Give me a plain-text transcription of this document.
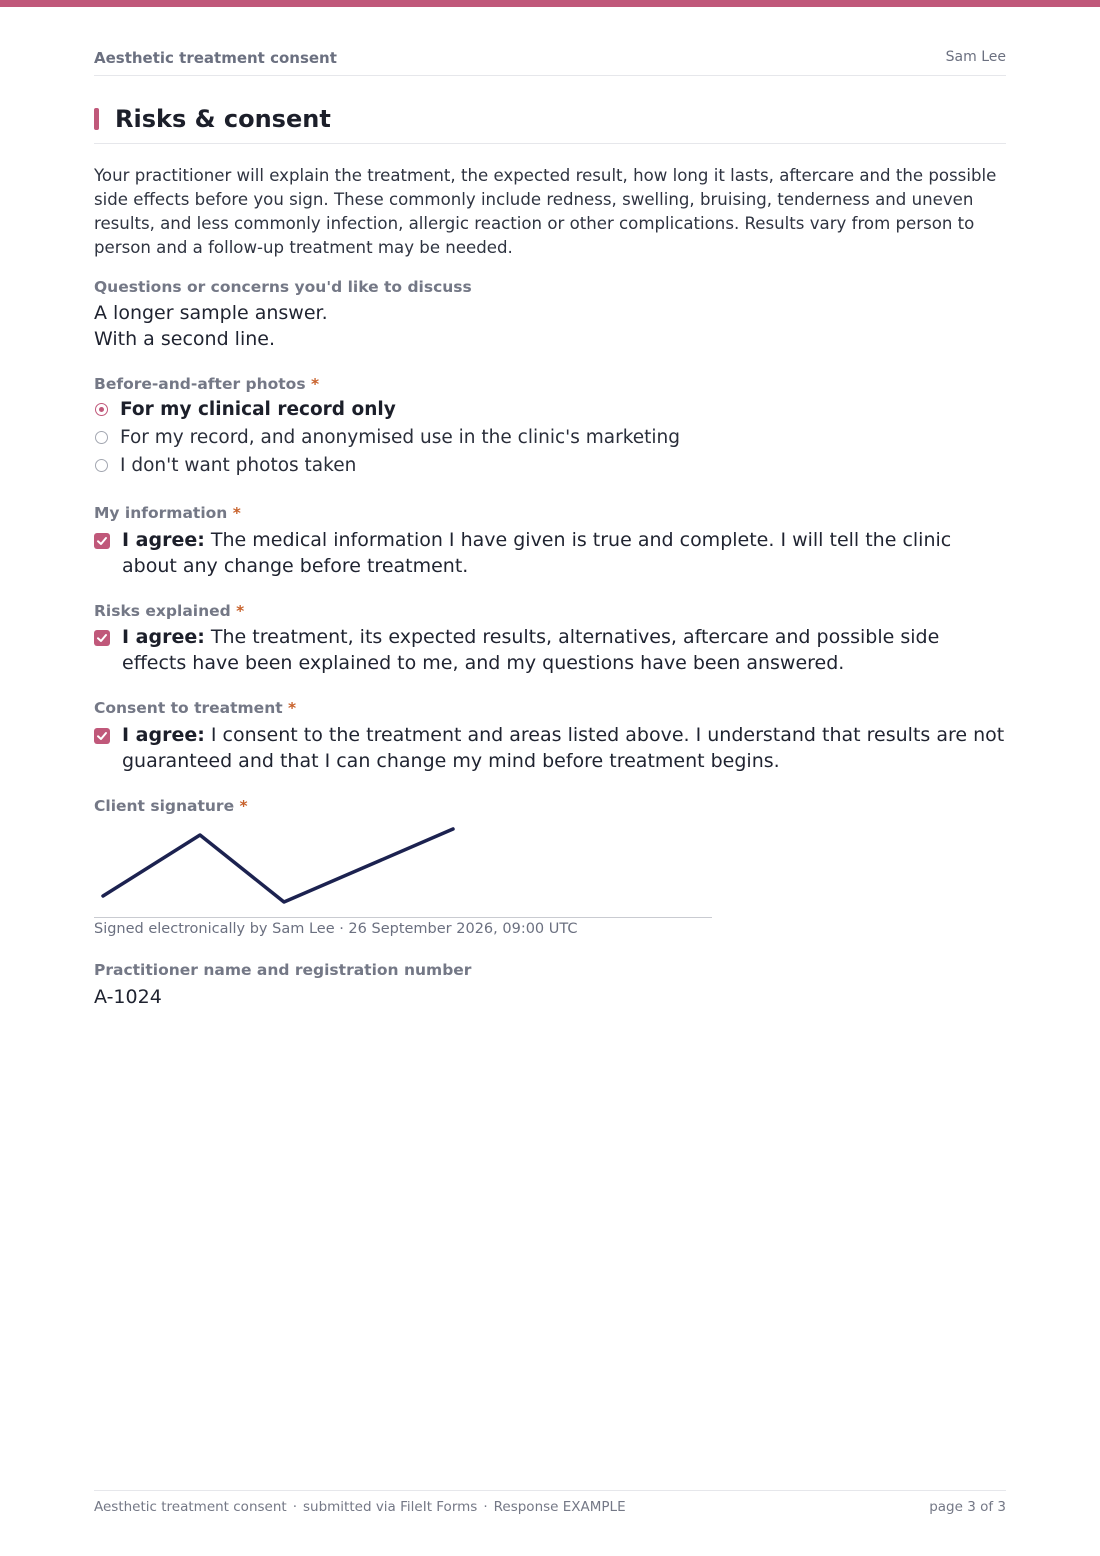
Aesthetic treatment consent	Sam Lee
Risks & consent

Your practitioner will explain the treatment, the expected result, how long it lasts, aftercare and the possible side effects before you sign. These commonly include redness, swelling, bruising, tenderness and uneven results, and less commonly infection, allergic reaction or other complications. Results vary from person to person and a follow-up treatment may be needed.

Questions or concerns you'd like to discuss
A longer sample answer.
With a second line.
Before-and-after photos *
For my clinical record only
For my record, and anonymised use in the clinic's marketing
I don't want photos taken
My information *
I agree: The medical information I have given is true and complete. I will tell the clinic about any change before treatment.
Risks explained *
I agree: The treatment, its expected results, alternatives, aftercare and possible side effects have been explained to me, and my questions have been answered.
Consent to treatment *
I agree: I consent to the treatment and areas listed above. I understand that results are not guaranteed and that I can change my mind before treatment begins.
Client signature *
Signed electronically by Sam Lee · 26 September 2026, 09:00 UTC
Practitioner name and registration number
A-1024
Aesthetic treatment consent · submitted via FileIt Forms · Response EXAMPLE	page 3 of 3
